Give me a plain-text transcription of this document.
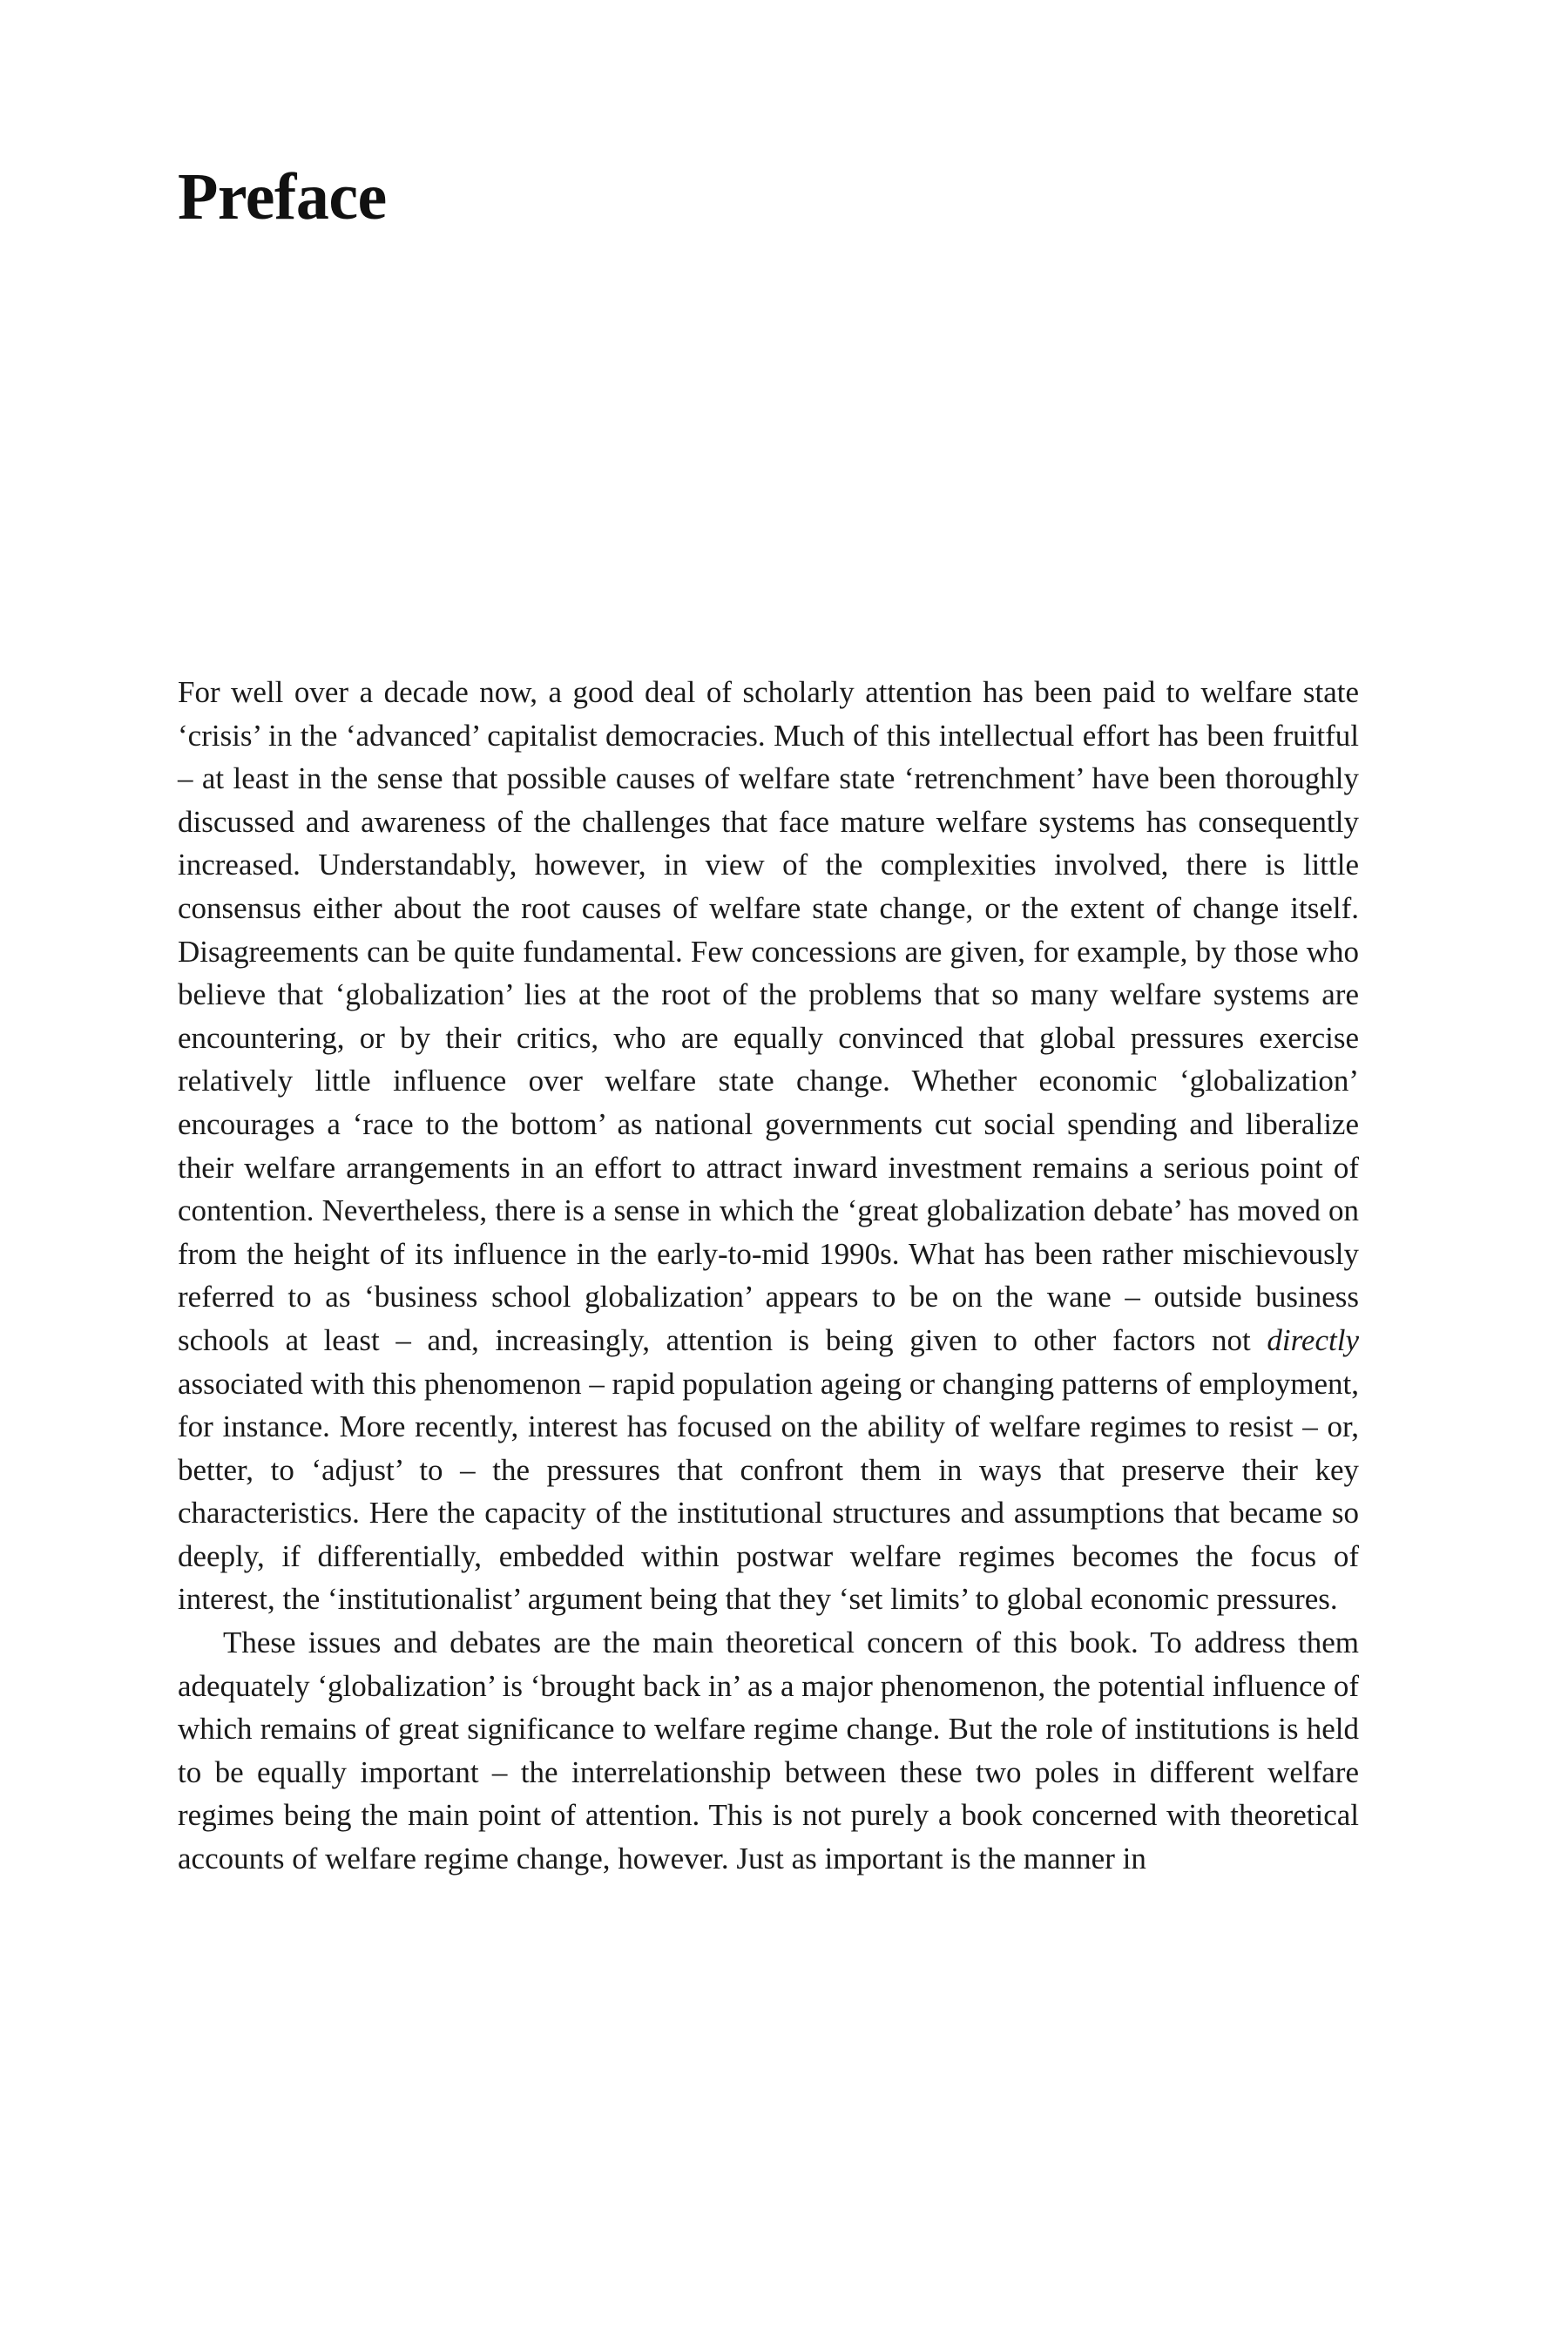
Preface

For well over a decade now, a good deal of scholarly attention has been paid to welfare state ‘crisis’ in the ‘advanced’ capitalist democracies. Much of this intellectual effort has been fruitful – at least in the sense that possible causes of welfare state ‘retrenchment’ have been thoroughly discussed and awareness of the challenges that face mature welfare systems has consequently increased. Understandably, however, in view of the complexities involved, there is little consensus either about the root causes of welfare state change, or the extent of change itself. Disagreements can be quite fundamental. Few concessions are given, for example, by those who believe that ‘globalization’ lies at the root of the problems that so many welfare systems are encountering, or by their critics, who are equally convinced that global pressures exercise relatively little influence over welfare state change. Whether economic ‘globalization’ encourages a ‘race to the bottom’ as national governments cut social spending and liberalize their welfare arrangements in an effort to attract inward investment remains a serious point of contention. Nevertheless, there is a sense in which the ‘great globalization debate’ has moved on from the height of its influence in the early-to-mid 1990s. What has been rather mischievously referred to as ‘business school globalization’ appears to be on the wane – outside business schools at least – and, increasingly, attention is being given to other factors not directly associated with this phenomenon – rapid population ageing or changing patterns of employment, for instance. More recently, interest has focused on the ability of welfare regimes to resist – or, better, to ‘adjust’ to – the pressures that confront them in ways that preserve their key characteristics. Here the capacity of the institutional structures and assumptions that became so deeply, if differentially, embedded within postwar welfare regimes becomes the focus of interest, the ‘institutionalist’ argument being that they ‘set limits’ to global economic pressures.

These issues and debates are the main theoretical concern of this book. To address them adequately ‘globalization’ is ‘brought back in’ as a major phenomenon, the potential influence of which remains of great significance to welfare regime change. But the role of institutions is held to be equally important – the interrelationship between these two poles in different welfare regimes being the main point of attention. This is not purely a book concerned with theoretical accounts of welfare regime change, however. Just as important is the manner in
